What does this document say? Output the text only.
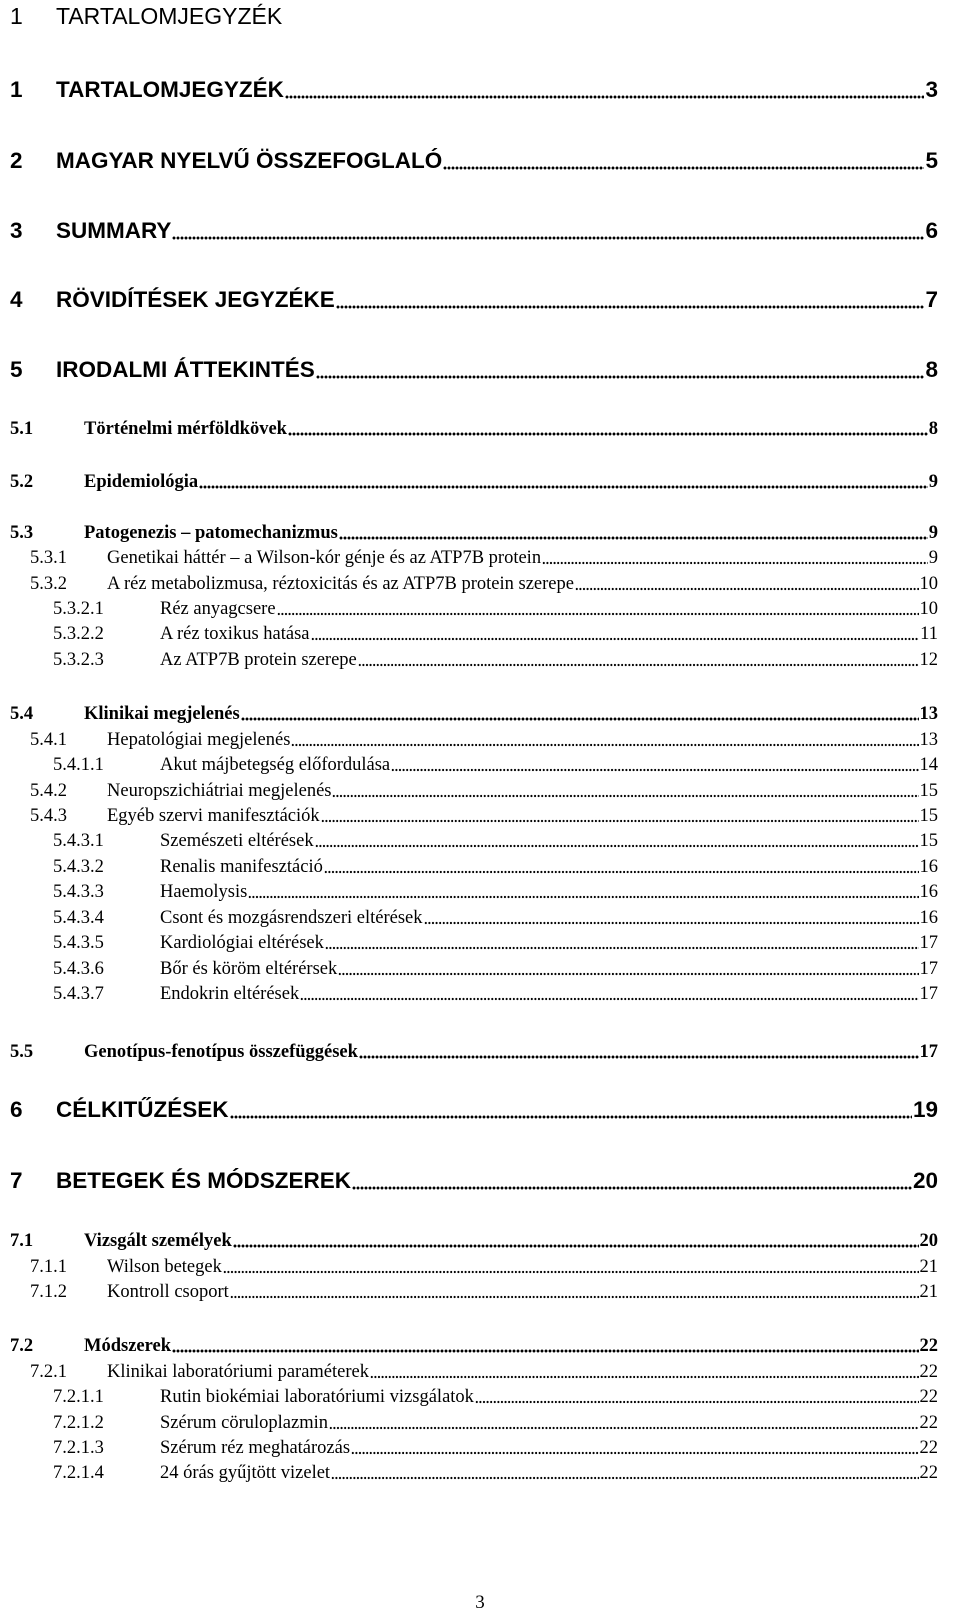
1 TARTALOMJEGYZÉK
1	TARTALOMJEGYZÉK	3
2	MAGYAR NYELVŰ ÖSSZEFOGLALÓ	5
3	SUMMARY	6
4	RÖVIDÍTÉSEK JEGYZÉKE	7
5	IRODALMI ÁTTEKINTÉS	8
5.1	Történelmi mérföldkövek	8
5.2	Epidemiológia	9
5.3	Patogenezis – patomechanizmus	9
5.3.1	Genetikai háttér – a Wilson-kór génje és az ATP7B protein	9
5.3.2	A réz metabolizmusa, réztoxicitás és az ATP7B protein szerepe	10
5.3.2.1	Réz anyagcsere	10
5.3.2.2	A réz toxikus hatása	11
5.3.2.3	Az ATP7B protein szerepe	12
5.4	Klinikai megjelenés	13
5.4.1	Hepatológiai megjelenés	13
5.4.1.1	Akut májbetegség előfordulása	14
5.4.2	Neuropszichiátriai megjelenés	15
5.4.3	Egyéb szervi manifesztációk	15
5.4.3.1	Szemészeti eltérések	15
5.4.3.2	Renalis manifesztáció	16
5.4.3.3	Haemolysis	16
5.4.3.4	Csont és mozgásrendszeri eltérések	16
5.4.3.5	Kardiológiai eltérések	17
5.4.3.6	Bőr és köröm eltérérsek	17
5.4.3.7	Endokrin eltérések	17
5.5	Genotípus-fenotípus összefüggések	17
6	CÉLKITŰZÉSEK	19
7	BETEGEK ÉS MÓDSZEREK	20
7.1	Vizsgált személyek	20
7.1.1	Wilson betegek	21
7.1.2	Kontroll csoport	21
7.2	Módszerek	22
7.2.1	Klinikai laboratóriumi paraméterek	22
7.2.1.1	Rutin biokémiai laboratóriumi vizsgálatok	22
7.2.1.2	Szérum cöruloplazmin	22
7.2.1.3	Szérum réz meghatározás	22
7.2.1.4	24 órás gyűjtött vizelet	22
3
